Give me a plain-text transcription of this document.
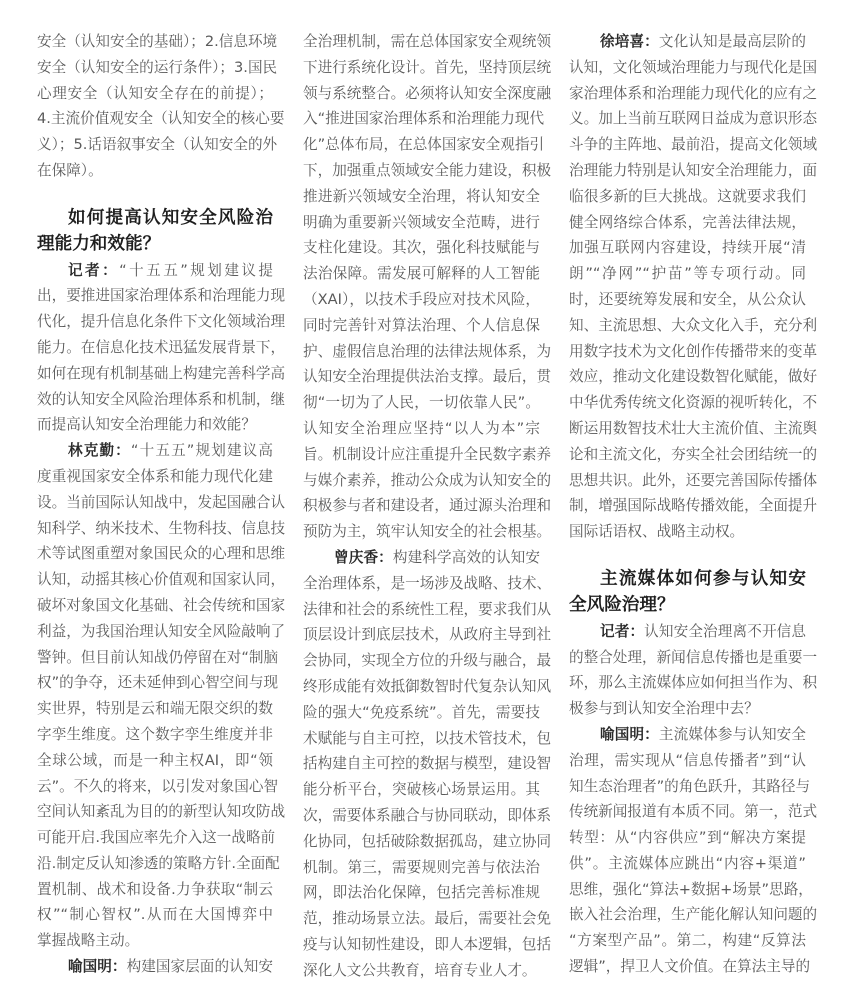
安全（认知安全的基础）；2.信息环境
安全（认知安全的运行条件）；3.国民
心理安全（认知安全存在的前提）；
4.主流价值观安全（认知安全的核心要
义）；5.话语叙事安全（认知安全的外
在保障）。
如何提高认知安全风险治
理能力和效能？
记者：“十五五”规划建议提
出，要推进国家治理体系和治理能力现
代化，提升信息化条件下文化领域治理
能力。在信息化技术迅猛发展背景下，
如何在现有机制基础上构建完善科学高
效的认知安全风险治理体系和机制，继
而提高认知安全治理能力和效能？
林克勤：“十五五”规划建议高
度重视国家安全体系和能力现代化建
设。当前国际认知战中，发起国融合认
知科学、纳米技术、生物科技、信息技
术等试图重塑对象国民众的心理和思维
认知，动摇其核心价值观和国家认同，
破坏对象国文化基础、社会传统和国家
利益，为我国治理认知安全风险敲响了
警钟。但目前认知战仍停留在对“制脑
权”的争夺，还未延伸到心智空间与现
实世界，特别是云和端无限交织的数
字孪生维度。这个数字孪生维度并非
全球公域，而是一种主权AI，即“领
云”。不久的将来，以引发对象国心智
空间认知紊乱为目的的新型认知攻防战
可能开启.我国应率先介入这一战略前
沿.制定反认知渗透的策略方针.全面配
置机制、战术和设备.力争获取“制云
权”“制心智权”.从而在大国博弈中
掌握战略主动。
喻国明：构建国家层面的认知安
全治理机制，需在总体国家安全观统领
下进行系统化设计。首先，坚持顶层统
领与系统整合。必须将认知安全深度融
入“推进国家治理体系和治理能力现代
化”总体布局，在总体国家安全观指引
下，加强重点领域安全能力建设，积极
推进新兴领域安全治理，将认知安全
明确为重要新兴领域安全范畴，进行
支柱化建设。其次，强化科技赋能与
法治保障。需发展可解释的人工智能
（XAI），以技术手段应对技术风险，
同时完善针对算法治理、个人信息保
护、虚假信息治理的法律法规体系，为
认知安全治理提供法治支撑。最后，贯
彻“一切为了人民，一切依靠人民”。
认知安全治理应坚持“以人为本”宗
旨。机制设计应注重提升全民数字素养
与媒介素养，推动公众成为认知安全的
积极参与者和建设者，通过源头治理和
预防为主，筑牢认知安全的社会根基。
曾庆香：构建科学高效的认知安
全治理体系，是一场涉及战略、技术、
法律和社会的系统性工程，要求我们从
顶层设计到底层技术，从政府主导到社
会协同，实现全方位的升级与融合，最
终形成能有效抵御数智时代复杂认知风
险的强大“免疫系统”。首先，需要技
术赋能与自主可控，以技术管技术，包
括构建自主可控的数据与模型，建设智
能分析平台，突破核心场景运用。其
次，需要体系融合与协同联动，即体系
化协同，包括破除数据孤岛，建立协同
机制。第三，需要规则完善与依法治
网，即法治化保障，包括完善标准规
范，推动场景立法。最后，需要社会免
疫与认知韧性建设，即人本逻辑，包括
深化人文公共教育，培育专业人才。
徐培喜：文化认知是最高层阶的
认知，文化领域治理能力与现代化是国
家治理体系和治理能力现代化的应有之
义。加上当前互联网日益成为意识形态
斗争的主阵地、最前沿，提高文化领域
治理能力特别是认知安全治理能力，面
临很多新的巨大挑战。这就要求我们
健全网络综合体系，完善法律法规，
加强互联网内容建设，持续开展“清
朗”“净网”“护苗”等专项行动。同
时，还要统筹发展和安全，从公众认
知、主流思想、大众文化入手，充分利
用数字技术为文化创作传播带来的变革
效应，推动文化建设数智化赋能，做好
中华优秀传统文化资源的视听转化，不
断运用数智技术壮大主流价值、主流舆
论和主流文化，夯实全社会团结统一的
思想共识。此外，还要完善国际传播体
制，增强国际战略传播效能，全面提升
国际话语权、战略主动权。
主流媒体如何参与认知安
全风险治理？
记者：认知安全治理离不开信息
的整合处理，新闻信息传播也是重要一
环，那么主流媒体应如何担当作为、积
极参与到认知安全治理中去？
喻国明：主流媒体参与认知安全
治理，需实现从“信息传播者”到“认
知生态治理者”的角色跃升，其路径与
传统新闻报道有本质不同。第一，范式
转型：从“内容供应”到“解决方案提
供”。主流媒体应跳出“内容+渠道”
思维，强化“算法+数据+场景”思路，
嵌入社会治理，生产能化解认知问题的
“方案型产品”。第二，构建“反算法
逻辑”，捍卫人文价值。在算法主导的
